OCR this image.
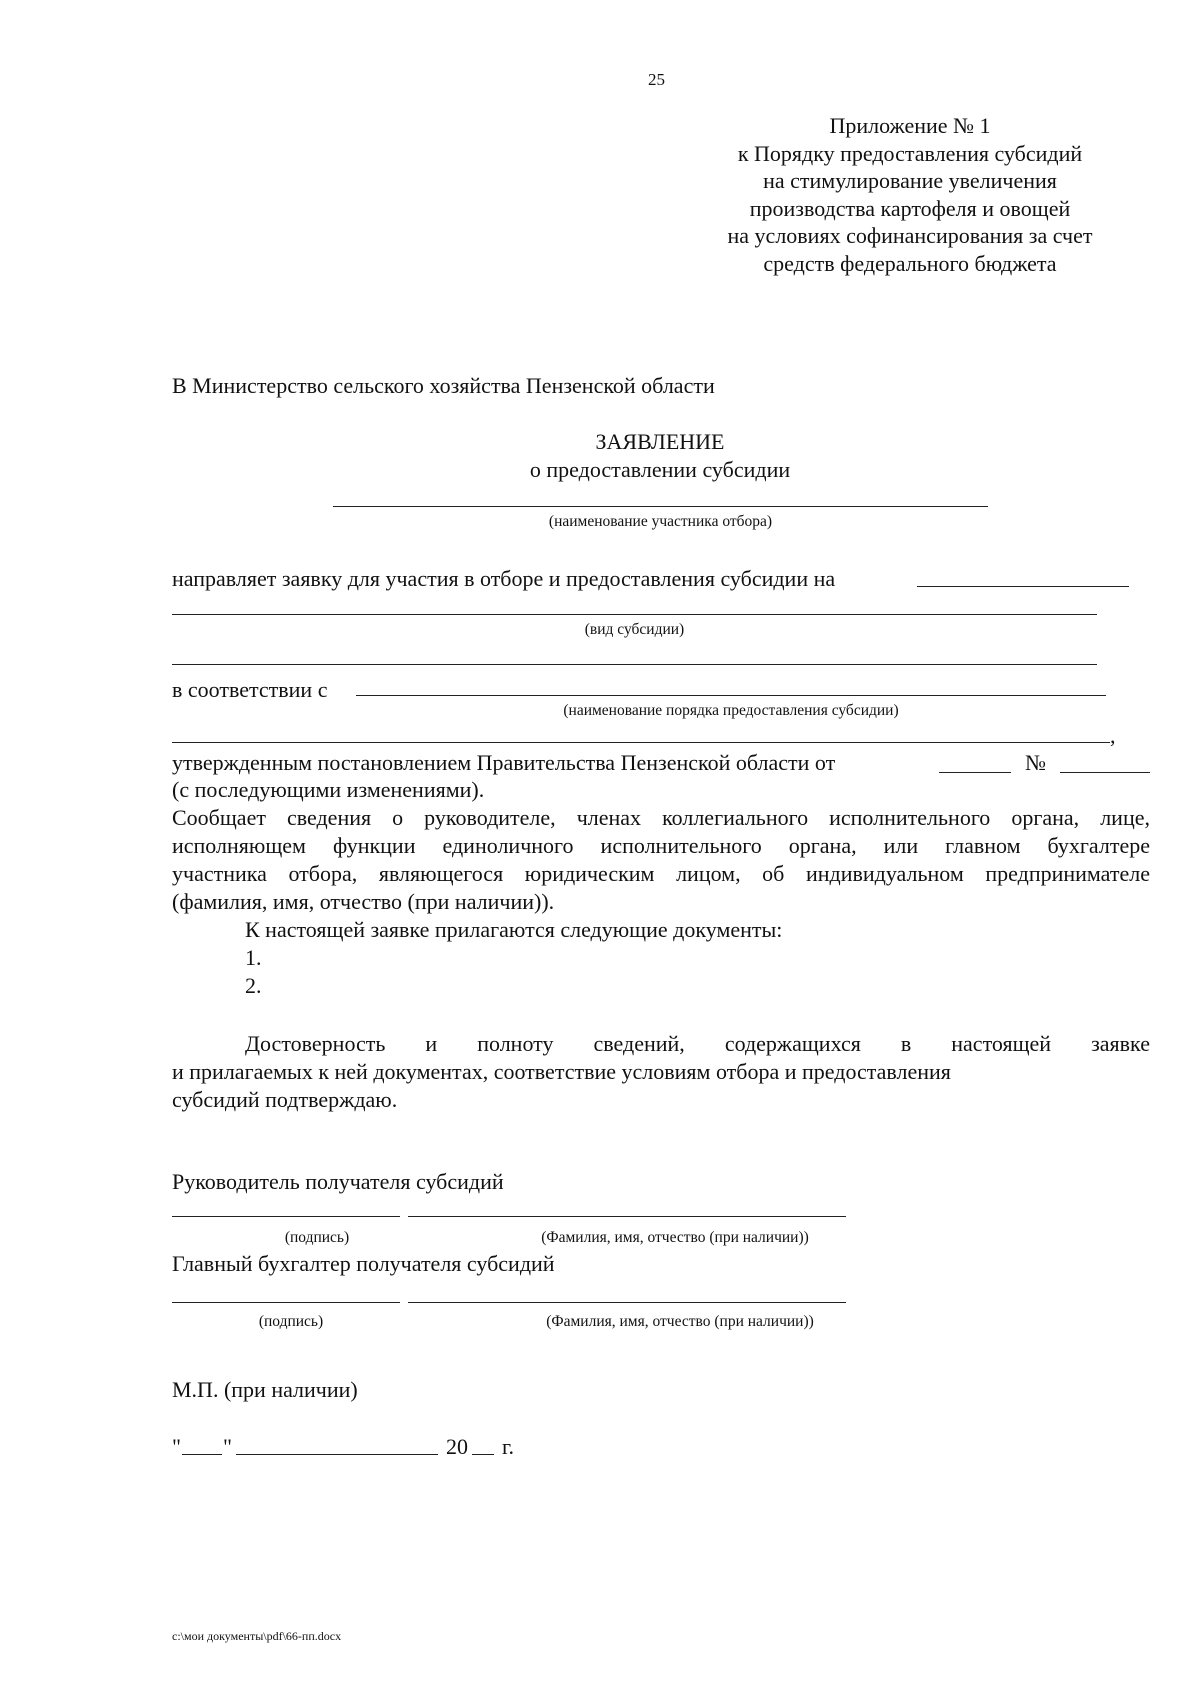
25
Приложение № 1
к Порядку предоставления субсидий
на стимулирование увеличения
производства картофеля и овощей
на условиях софинансирования за счет
средств федерального бюджета
В Министерство сельского хозяйства Пензенской области
ЗАЯВЛЕНИЕ
о предоставлении субсидии
(наименование участника отбора)
направляет заявку для участия в отборе и предоставления субсидии на
(вид субсидии)
в соответствии с
(наименование порядка предоставления субсидии)
,
утвержденным постановлением Правительства Пензенской области от	№
(с последующими изменениями).
Сообщает сведения о руководителе, членах коллегиального исполнительного органа, лице,
исполняющем функции единоличного исполнительного органа, или главном бухгалтере
участника отбора, являющегося юридическим лицом, об индивидуальном предпринимателе
(фамилия, имя, отчество (при наличии)).
К настоящей заявке прилагаются следующие документы:
1.
2.
Достоверность и полноту сведений, содержащихся в настоящей заявке
и прилагаемых к ней документах, соответствие условиям отбора и предоставления
субсидий подтверждаю.
Руководитель получателя субсидий
(подпись)	(Фамилия, имя, отчество (при наличии))
Главный бухгалтер получателя субсидий
(подпись)	(Фамилия, имя, отчество (при наличии))
М.П. (при наличии)
" "	20 г.
c:\мои документы\pdf\66-пп.docx
